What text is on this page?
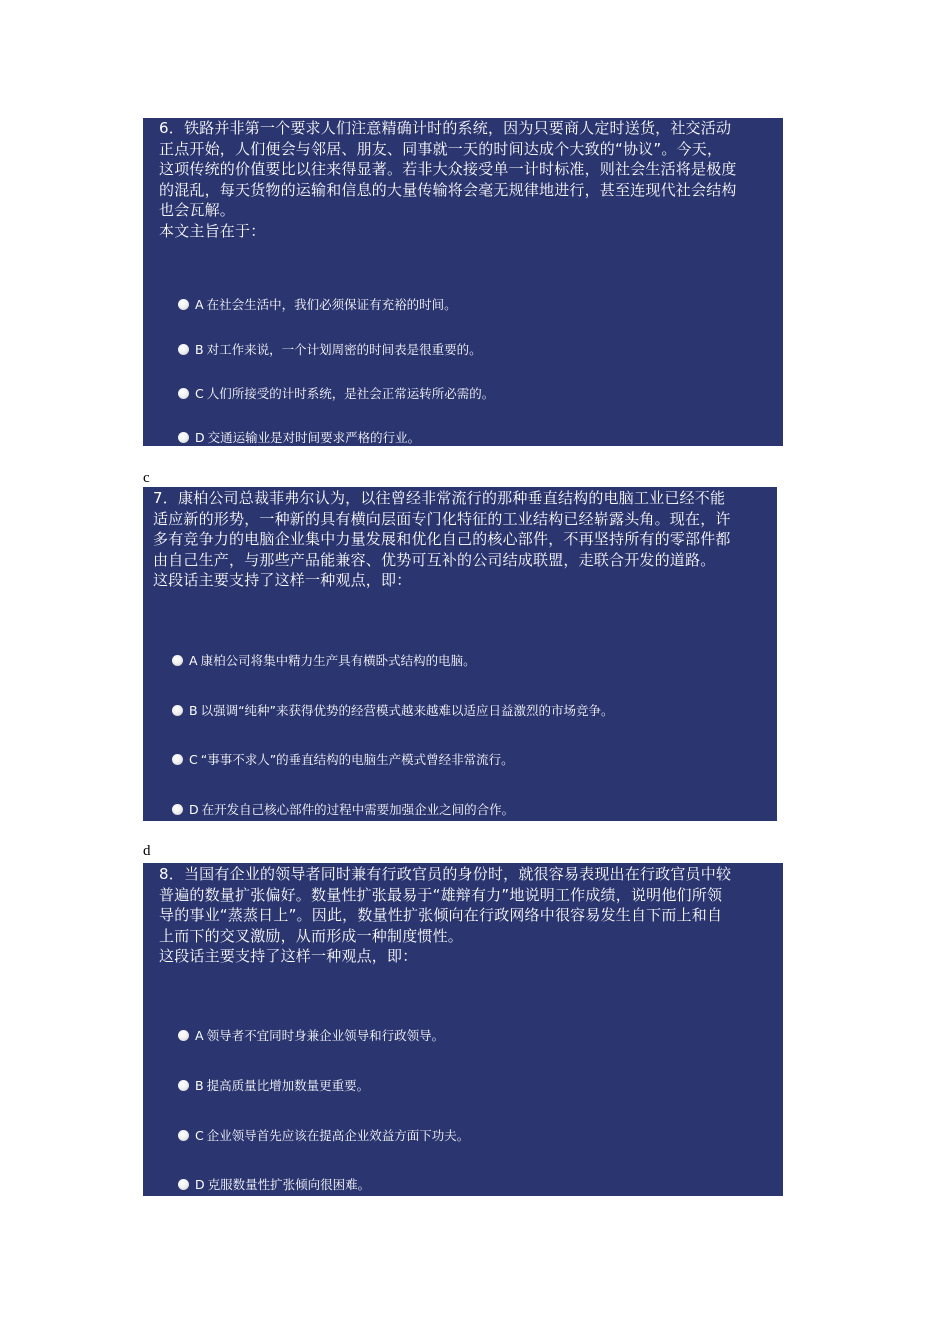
6．铁路并非第一个要求人们注意精确计时的系统，因为只要商人定时送货，社交活动
正点开始，人们便会与邻居、朋友、同事就一天的时间达成个大致的“协议”。今天，
这项传统的价值要比以往来得显著。若非大众接受单一计时标准，则社会生活将是极度
的混乱，每天货物的运输和信息的大量传输将会毫无规律地进行，甚至连现代社会结构
也会瓦解。
本文主旨在于：
A 在社会生活中，我们必须保证有充裕的时间。
B 对工作来说，一个计划周密的时间表是很重要的。
C 人们所接受的计时系统，是社会正常运转所必需的。
D 交通运输业是对时间要求严格的行业。
c
7．康柏公司总裁菲弗尔认为，以往曾经非常流行的那种垂直结构的电脑工业已经不能
适应新的形势，一种新的具有横向层面专门化特征的工业结构已经崭露头角。现在，许
多有竞争力的电脑企业集中力量发展和优化自己的核心部件，不再坚持所有的零部件都
由自己生产，与那些产品能兼容、优势可互补的公司结成联盟，走联合开发的道路。
这段话主要支持了这样一种观点，即：
A 康柏公司将集中精力生产具有横卧式结构的电脑。
B 以强调“纯种”来获得优势的经营模式越来越难以适应日益激烈的市场竞争。
C “事事不求人”的垂直结构的电脑生产模式曾经非常流行。
D 在开发自己核心部件的过程中需要加强企业之间的合作。
d
8．当国有企业的领导者同时兼有行政官员的身份时，就很容易表现出在行政官员中较
普遍的数量扩张偏好。数量性扩张最易于“雄辩有力”地说明工作成绩，说明他们所领
导的事业“蒸蒸日上”。因此，数量性扩张倾向在行政网络中很容易发生自下而上和自
上而下的交叉激励，从而形成一种制度惯性。
这段话主要支持了这样一种观点，即：
A 领导者不宜同时身兼企业领导和行政领导。
B 提高质量比增加数量更重要。
C 企业领导首先应该在提高企业效益方面下功夫。
D 克服数量性扩张倾向很困难。
